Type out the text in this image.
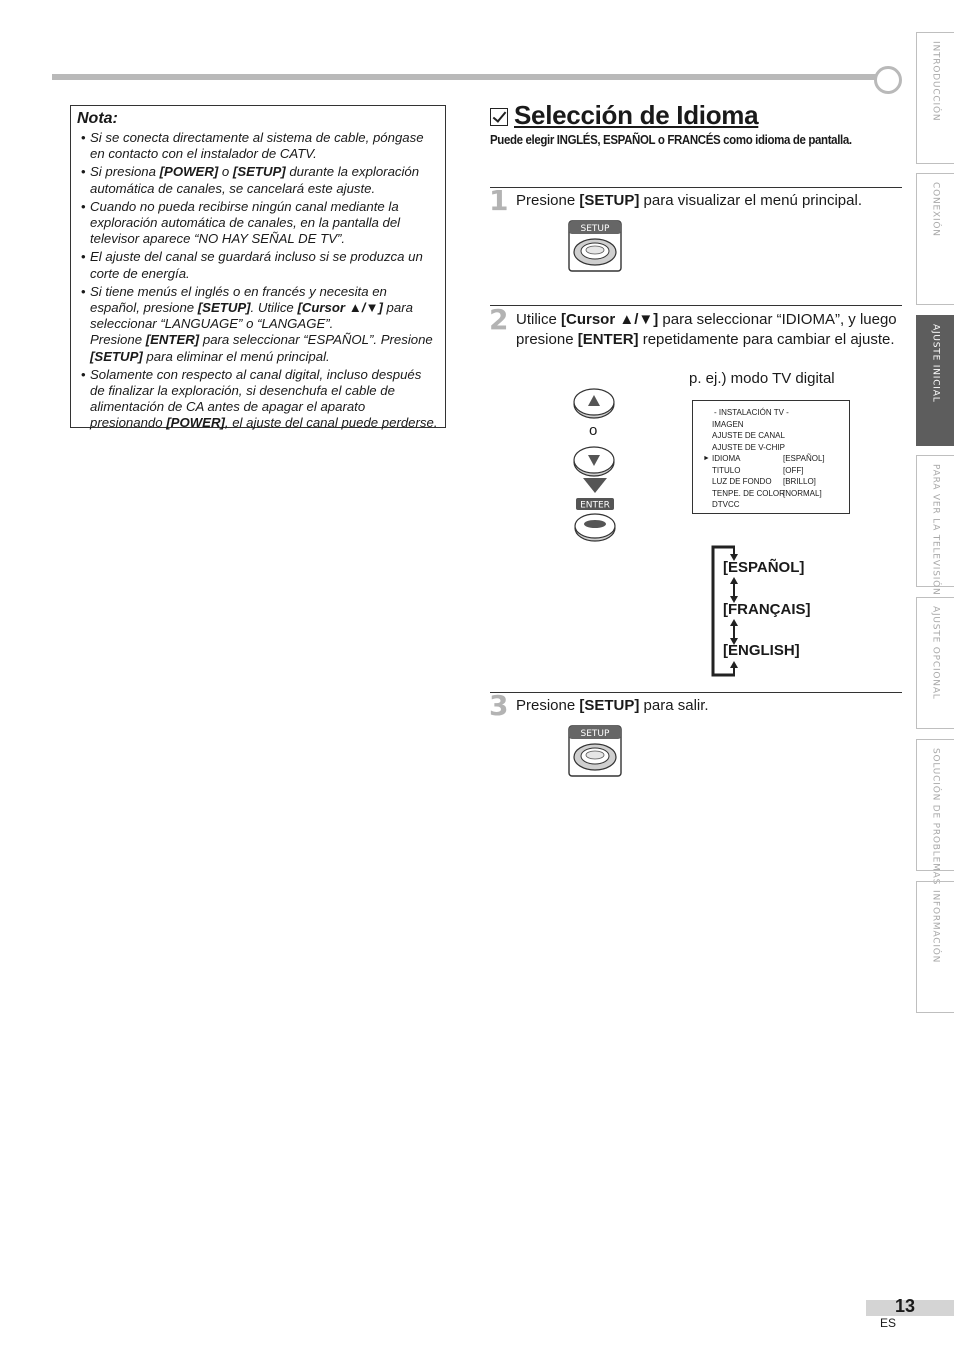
INTRODUCCIÓN
CONEXIÓN
AJUSTE INICIAL
PARA VER LA TELEVISIÓN
AJUSTE OPCIONAL
SOLUCIÓN DE PROBLEMAS
INFORMACIÓN
Nota:
• Si se conecta directamente al sistema de cable, póngase en contacto con el instalador de CATV.
• Si presiona [POWER] o [SETUP] durante la exploración automática de canales, se cancelará este ajuste.
• Cuando no pueda recibirse ningún canal mediante la exploración automática de canales, en la pantalla del televisor aparece “NO HAY SEÑAL DE TV”.
• El ajuste del canal se guardará incluso si se produzca un corte de energía.
• Si tiene menús el inglés o en francés y necesita en español, presione [SETUP]. Utilice [Cursor ▲/▼] para seleccionar “LANGUAGE” o “LANGAGE”.
Presione [ENTER] para seleccionar “ESPAÑOL”. Presione [SETUP] para eliminar el menú principal.
• Solamente con respecto al canal digital, incluso después de finalizar la exploración, si desenchufa el cable de alimentación de CA antes de apagar el aparato presionando [POWER], el ajuste del canal puede perderse.
Selección de Idioma
Puede elegir INGLÉS, ESPAÑOL o FRANCÉS como idioma de pantalla.
1 Presione [SETUP] para visualizar el menú principal.
SETUP
2 Utilice [Cursor ▲/▼] para seleccionar “IDIOMA”, y luego presione [ENTER] repetidamente para cambiar el ajuste.
p. ej.) modo TV digital
o
ENTER
- INSTALACIÓN TV -
IMAGEN
AJUSTE DE CANAL
AJUSTE DE V-CHIP
► IDIOMA	[ESPAÑOL]
TITULO	[OFF]
LUZ DE FONDO [BRILLO]
TENPE. DE COLOR
[NORMAL]
DTVCC
[ESPAÑOL]
[FRANÇAIS]
[ENGLISH]
3 Presione [SETUP] para salir.
SETUP
13
ES
